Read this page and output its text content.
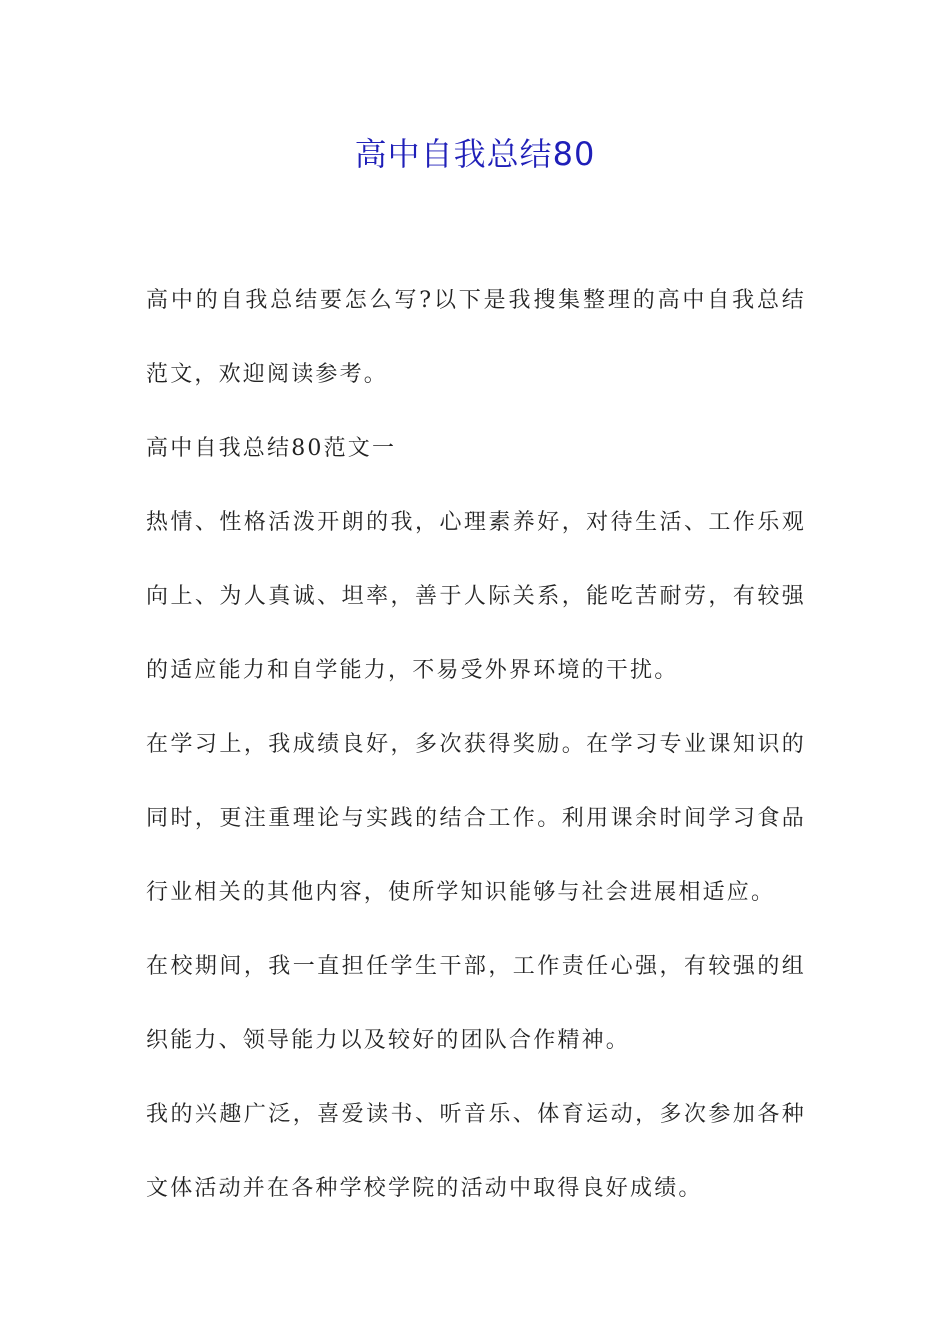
高中自我总结80

高中的自我总结要怎么写?以下是我搜集整理的高中自我总结范文，欢迎阅读参考。

高中自我总结80范文一

热情、性格活泼开朗的我，心理素养好，对待生活、工作乐观向上、为人真诚、坦率，善于人际关系，能吃苦耐劳，有较强的适应能力和自学能力，不易受外界环境的干扰。

在学习上，我成绩良好，多次获得奖励。在学习专业课知识的同时，更注重理论与实践的结合工作。利用课余时间学习食品行业相关的其他内容，使所学知识能够与社会进展相适应。

在校期间，我一直担任学生干部，工作责任心强，有较强的组织能力、领导能力以及较好的团队合作精神。

我的兴趣广泛，喜爱读书、听音乐、体育运动，多次参加各种文体活动并在各种学校学院的活动中取得良好成绩。
